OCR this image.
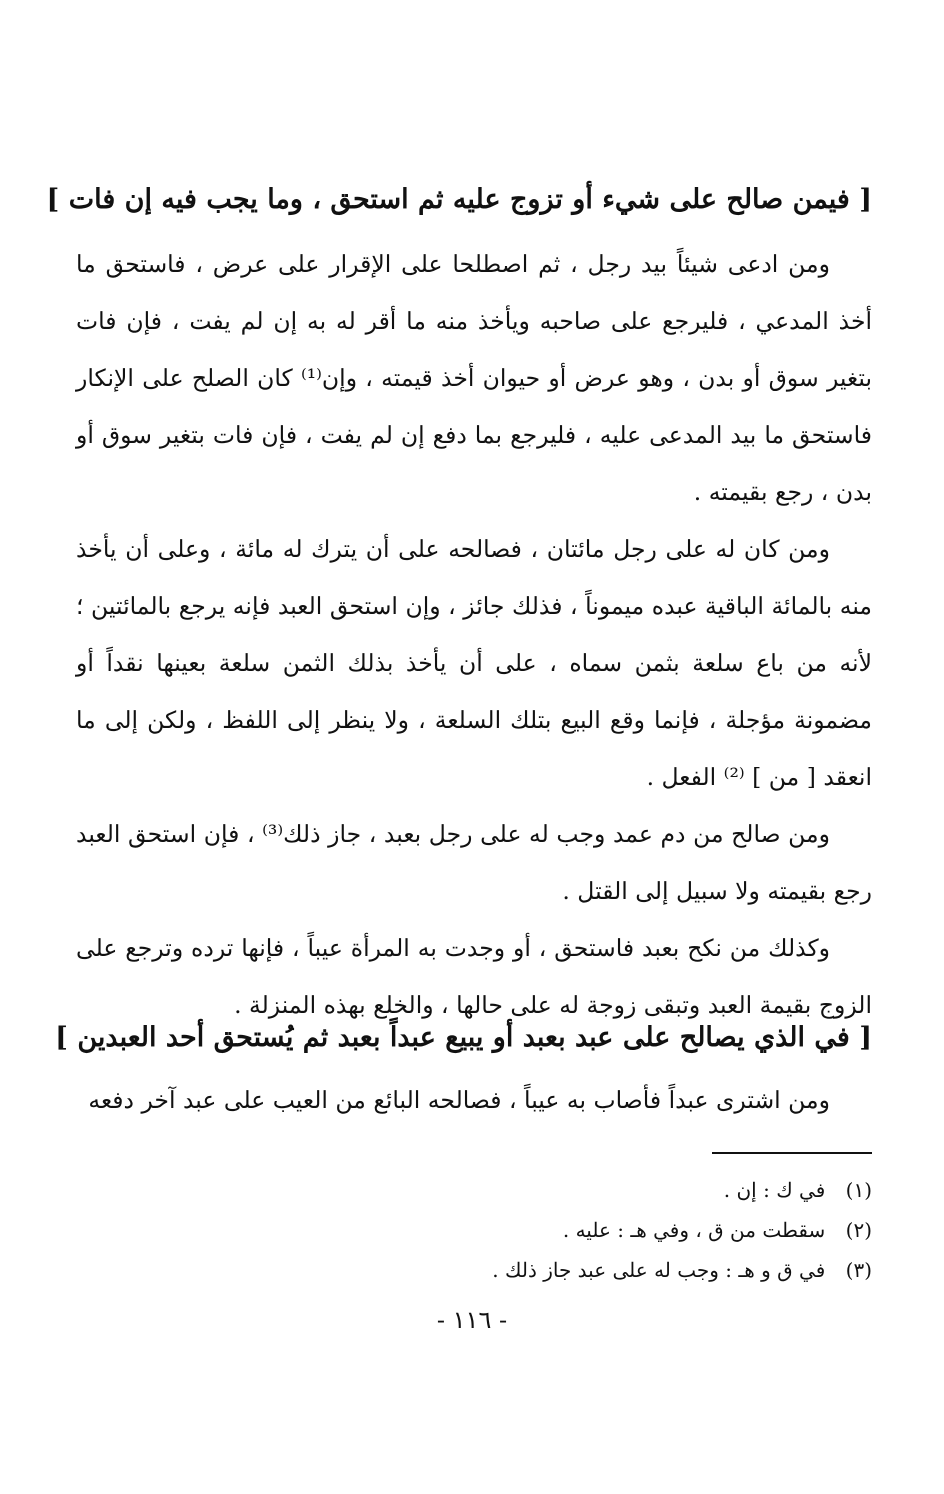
[ فيمن صالح على شيء أو تزوج عليه ثم استحق ، وما يجب فيه إن فات ]

ومن ادعى شيئاً بيد رجل ، ثم اصطلحا على الإقرار على عرض ، فاستحق ما أخذ المدعي ، فليرجع على صاحبه ويأخذ منه ما أقر له به إن لم يفت ، فإن فات بتغير سوق أو بدن ، وهو عرض أو حيوان أخذ قيمته ، وإن⁽¹⁾ كان الصلح على الإنكار فاستحق ما بيد المدعى عليه ، فليرجع بما دفع إن لم يفت ، فإن فات بتغير سوق أو بدن ، رجع بقيمته .

ومن كان له على رجل مائتان ، فصالحه على أن يترك له مائة ، وعلى أن يأخذ منه بالمائة الباقية عبده ميموناً ، فذلك جائز ، وإن استحق العبد فإنه يرجع بالمائتين ؛ لأنه من باع سلعة بثمن سماه ، على أن يأخذ بذلك الثمن سلعة بعينها نقداً أو مضمونة مؤجلة ، فإنما وقع البيع بتلك السلعة ، ولا ينظر إلى اللفظ ، ولكن إلى ما انعقد [ من ] ⁽²⁾ الفعل .

ومن صالح من دم عمد وجب له على رجل بعبد ، جاز ذلك⁽³⁾ ، فإن استحق العبد رجع بقيمته ولا سبيل إلى القتل .

وكذلك من نكح بعبد فاستحق ، أو وجدت به المرأة عيباً ، فإنها ترده وترجع على الزوج بقيمة العبد وتبقى زوجة له على حالها ، والخلع بهذه المنزلة .

[ في الذي يصالح على عبد بعبد أو يبيع عبداً بعبد ثم يُستحق أحد العبدين ]

ومن اشترى عبداً فأصاب به عيباً ، فصالحه البائع من العيب على عبد آخر دفعه

(١) في ك : إن .
(٢) سقطت من ق ، وفي هـ : عليه .
(٣) في ق و هـ : وجب له على عبد جاز ذلك .
- ١١٦ -
